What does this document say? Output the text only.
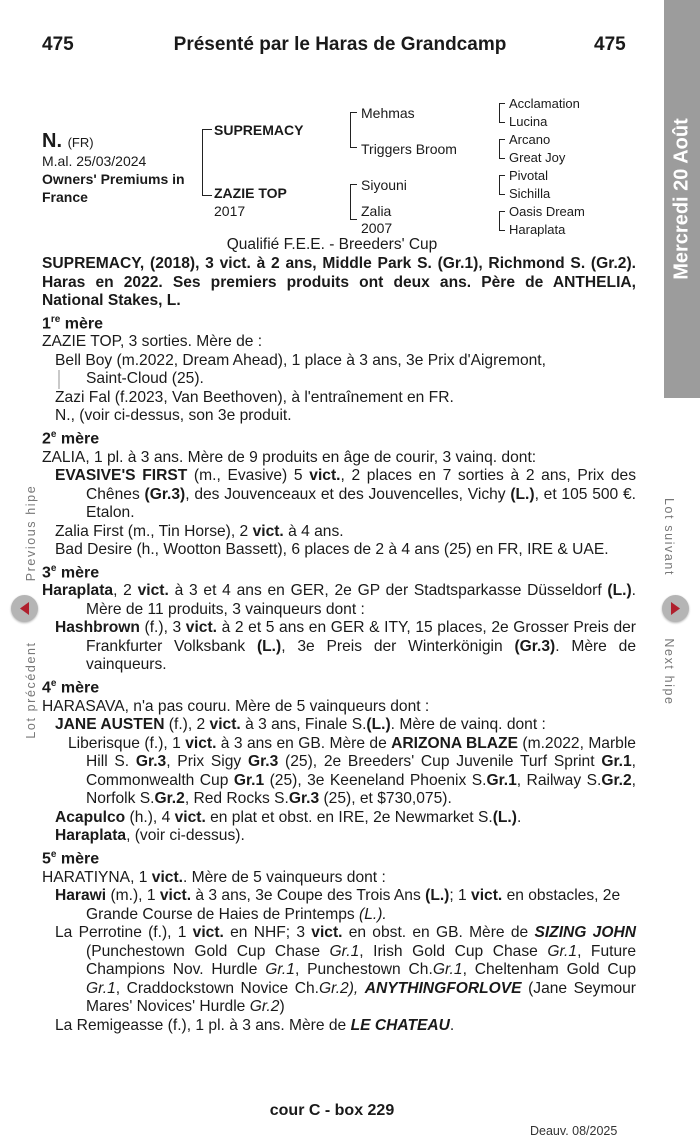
475	Présenté par le Haras de Grandcamp	475
Mercredi 20 Août
N. (FR)
M.al. 25/03/2024
Owners' Premiums in
France
SUPREMACY
ZAZIE TOP
2017
Mehmas
Triggers Broom
Siyouni
Zalia
2007
Acclamation
Lucina
Arcano
Great Joy
Pivotal
Sichilla
Oasis Dream
Haraplata
Qualifié F.E.E. - Breeders' Cup

SUPREMACY, (2018), 3 vict. à 2 ans, Middle Park S. (Gr.1), Richmond S. (Gr.2). Haras en 2022. Ses premiers produits ont deux ans. Père de ANTHELIA, National Stakes, L.

1re mère

ZAZIE TOP, 3 sorties. Mère de :

Bell Boy (m.2022, Dream Ahead), 1 place à 3 ans, 3e Prix d'Aigremont,

Saint-Cloud (25).

Zazi Fal (f.2023, Van Beethoven), à l'entraînement en FR.

N., (voir ci-dessus, son 3e produit.

2e mère

ZALIA, 1 pl. à 3 ans. Mère de 9 produits en âge de courir, 3 vainq. dont:

EVASIVE'S FIRST (m., Evasive) 5 vict., 2 places en 7 sorties à 2 ans, Prix des Chênes (Gr.3), des Jouvenceaux et des Jouvencelles, Vichy (L.), et 105 500 €. Etalon.

Zalia First (m., Tin Horse), 2 vict. à 4 ans.

Bad Desire (h., Wootton Bassett), 6 places de 2 à 4 ans (25) en FR, IRE & UAE.

3e mère

Haraplata, 2 vict. à 3 et 4 ans en GER, 2e GP der Stadtsparkasse Düsseldorf (L.). Mère de 11 produits, 3 vainqueurs dont :

Hashbrown (f.), 3 vict. à 2 et 5 ans en GER & ITY, 15 places, 2e Grosser Preis der Frankfurter Volksbank (L.), 3e Preis der Winterkönigin (Gr.3). Mère de vainqueurs.

4e mère

HARASAVA, n'a pas couru. Mère de 5 vainqueurs dont :

JANE AUSTEN (f.), 2 vict. à 3 ans, Finale S.(L.). Mère de vainq. dont :

Liberisque (f.), 1 vict. à 3 ans en GB. Mère de ARIZONA BLAZE (m.2022, Marble Hill S. Gr.3, Prix Sigy Gr.3 (25), 2e Breeders' Cup Juvenile Turf Sprint Gr.1, Commonwealth Cup Gr.1 (25), 3e Keeneland Phoenix S.Gr.1, Railway S.Gr.2, Norfolk S.Gr.2, Red Rocks S.Gr.3 (25), et $730,075).

Acapulco (h.), 4 vict. en plat et obst. en IRE, 2e Newmarket S.(L.).

Haraplata, (voir ci-dessus).

5e mère

HARATIYNA, 1 vict.. Mère de 5 vainqueurs dont :

Harawi (m.), 1 vict. à 3 ans, 3e Coupe des Trois Ans (L.); 1 vict. en obstacles, 2e Grande Course de Haies de Printemps (L.).

La Perrotine (f.), 1 vict. en NHF; 3 vict. en obst. en GB. Mère de SIZING JOHN (Punchestown Gold Cup Chase Gr.1, Irish Gold Cup Chase Gr.1, Future Champions Nov. Hurdle Gr.1, Punchestown Ch.Gr.1, Cheltenham Gold Cup Gr.1, Craddockstown Novice Ch.Gr.2), ANYTHINGFORLOVE (Jane Seymour Mares' Novices' Hurdle Gr.2)

La Remigeasse (f.), 1 pl. à 3 ans. Mère de LE CHATEAU.

Previous hipe
Lot précédent
Lot suivant
Next hipe
cour C - box 229
Deauv. 08/2025
